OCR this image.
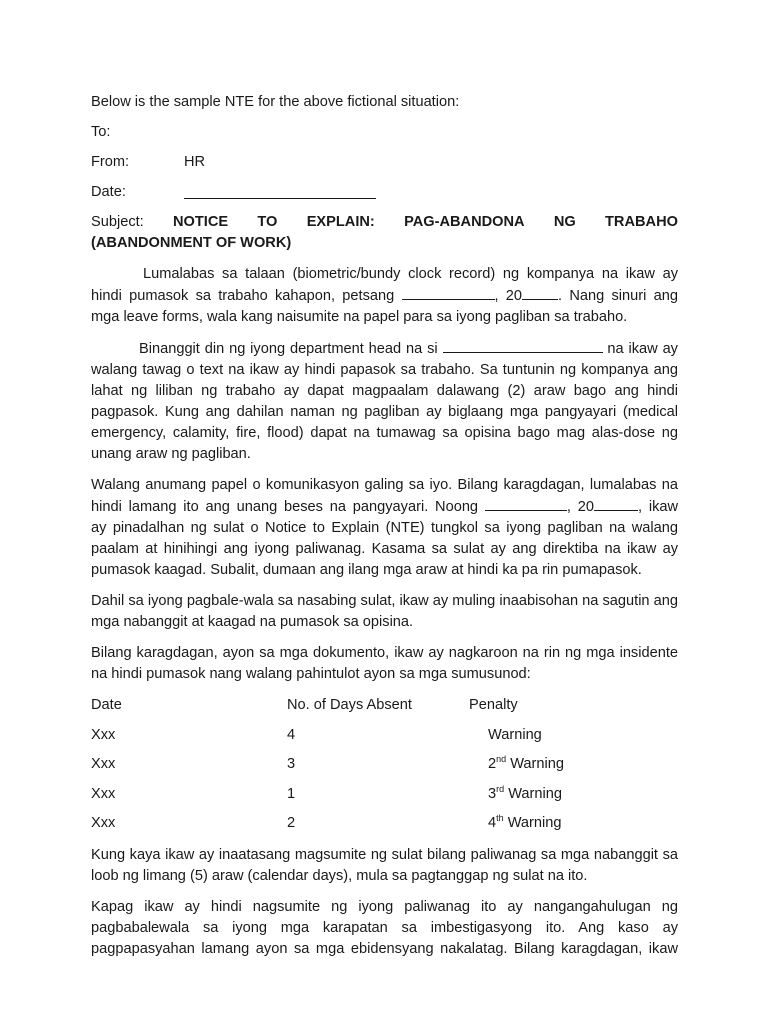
Below is the sample NTE for the above fictional situation:

To:
From:	HR
Date:
Subject: NOTICE TO EXPLAIN: PAG-ABANDONA NG TRABAHO
(ABANDONMENT OF WORK)

Lumalabas sa talaan (biometric/bundy clock record) ng kompanya na ikaw ay
hindi pumasok sa trabaho kahapon, petsang	, 20 . Nang sinuri ang
mga leave forms, wala kang naisumite na papel para sa iyong pagliban sa trabaho.

Binanggit din ng iyong department head na si	na ikaw ay
walang tawag o text na ikaw ay hindi papasok sa trabaho. Sa tuntunin ng kompanya ang lahat ng liliban ng trabaho ay dapat magpaalam dalawang (2) araw bago ang hindi pagpasok. Kung ang dahilan naman ng pagliban ay biglaang mga pangyayari (medical emergency, calamity, fire, flood) dapat na tumawag sa opisina bago mag alas-dose ng unang araw ng pagliban.

Walang anumang papel o komunikasyon galing sa iyo. Bilang karagdagan, lumalabas na
hindi lamang ito ang unang beses na pangyayari. Noong	, 20	, ikaw
ay pinadalhan ng sulat o Notice to Explain (NTE) tungkol sa iyong pagliban na walang paalam at hinihingi ang iyong paliwanag. Kasama sa sulat ay ang direktiba na ikaw ay pumasok kaagad. Subalit, dumaan ang ilang mga araw at hindi ka pa rin pumapasok.

Dahil sa iyong pagbale-wala sa nasabing sulat, ikaw ay muling inaabisohan na sagutin ang mga nabanggit at kaagad na pumasok sa opisina.

Bilang karagdagan, ayon sa mga dokumento, ikaw ay nagkaroon na rin ng mga insidente na hindi pumasok nang walang pahintulot ayon sa mga sumusunod:

Date	No. of Days Absent	Penalty
Xxx	4	Warning
Xxx	3	2nd Warning
Xxx	1	3rd Warning
Xxx	2	4th Warning

Kung kaya ikaw ay inaatasang magsumite ng sulat bilang paliwanag sa mga nabanggit sa loob ng limang (5) araw (calendar days), mula sa pagtanggap ng sulat na ito.

Kapag ikaw ay hindi nagsumite ng iyong paliwanag ito ay nangangahulugan ng pagbabalewala sa iyong mga karapatan sa imbestigasyong ito. Ang kaso ay pagpapasyahan lamang ayon sa mga ebidensyang nakalatag. Bilang karagdagan, ikaw
